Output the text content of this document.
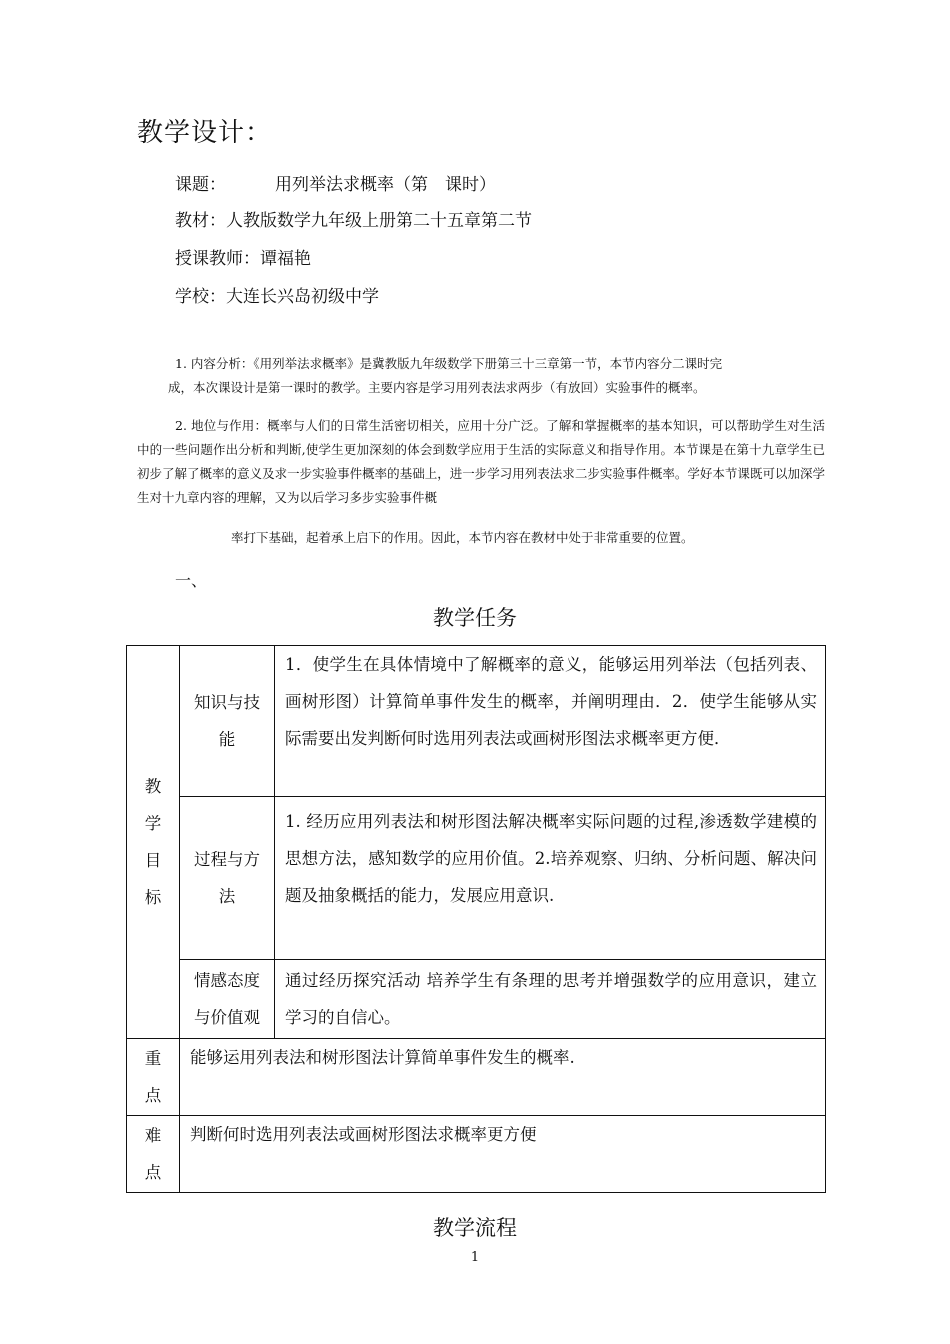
教学设计：
课题：	用列举法求概率（第　课时）
教材：人教版数学九年级上册第二十五章第二节
授课教师：谭福艳
学校：大连长兴岛初级中学
1. 内容分析：《用列举法求概率》是冀教版九年级数学下册第三十三章第一节，本节内容分二课时完
成，本次课设计是第一课时的教学。主要内容是学习用列表法求两步（有放回）实验事件的概率。
2. 地位与作用：概率与人们的日常生活密切相关，应用十分广泛。了解和掌握概率的基本知识，可以帮助学生对生活中的一些问题作出分析和判断,使学生更加深刻的体会到数学应用于生活的实际意义和指导作用。本节课是在第十九章学生已初步了解了概率的意义及求一步实验事件概率的基础上，进一步学习用列表法求二步实验事件概率。学好本节课既可以加深学生对十九章内容的理解，又为以后学习多步实验事件概
率打下基础，起着承上启下的作用。因此，本节内容在教材中处于非常重要的位置。
一、
教学任务
教学目标	知识与技能	1．使学生在具体情境中了解概率的意义，能够运用列举法（包括列表、画树形图）计算简单事件发生的概率，并阐明理由．2．使学生能够从实际需要出发判断何时选用列表法或画树形图法求概率更方便．
	过程与方法	1. 经历应用列表法和树形图法解决概率实际问题的过程,渗透数学建模的思想方法，感知数学的应用价值。2.培养观察、归纳、分析问题、解决问题及抽象概括的能力，发展应用意识.
	情感态度与价值观	通过经历探究活动 培养学生有条理的思考并增强数学的应用意识，建立学习的自信心。
重点	能够运用列表法和树形图法计算简单事件发生的概率.	
难点	判断何时选用列表法或画树形图法求概率更方便	
教学流程
1
